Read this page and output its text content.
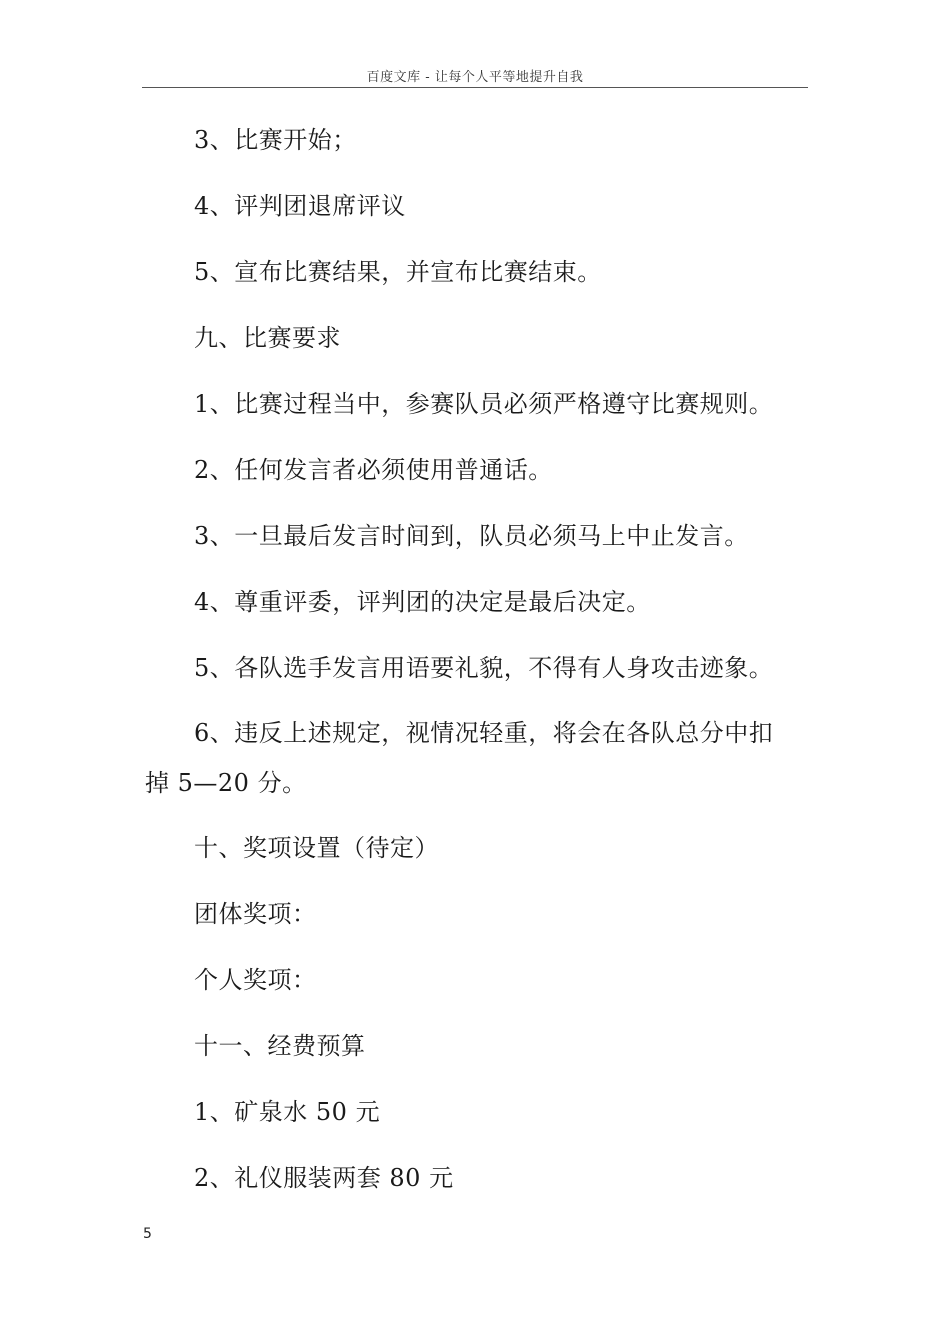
百度文库 - 让每个人平等地提升自我
3、比赛开始；
4、评判团退席评议
5、宣布比赛结果，并宣布比赛结束。
九、比赛要求
1、比赛过程当中，参赛队员必须严格遵守比赛规则。
2、任何发言者必须使用普通话。
3、一旦最后发言时间到，队员必须马上中止发言。
4、尊重评委，评判团的决定是最后决定。
5、各队选手发言用语要礼貌，不得有人身攻击迹象。
6、违反上述规定，视情况轻重，将会在各队总分中扣
掉 5—20 分。
十、奖项设置（待定）
团体奖项：
个人奖项：
十一、经费预算
1、矿泉水 50 元
2、礼仪服装两套 80 元
5
